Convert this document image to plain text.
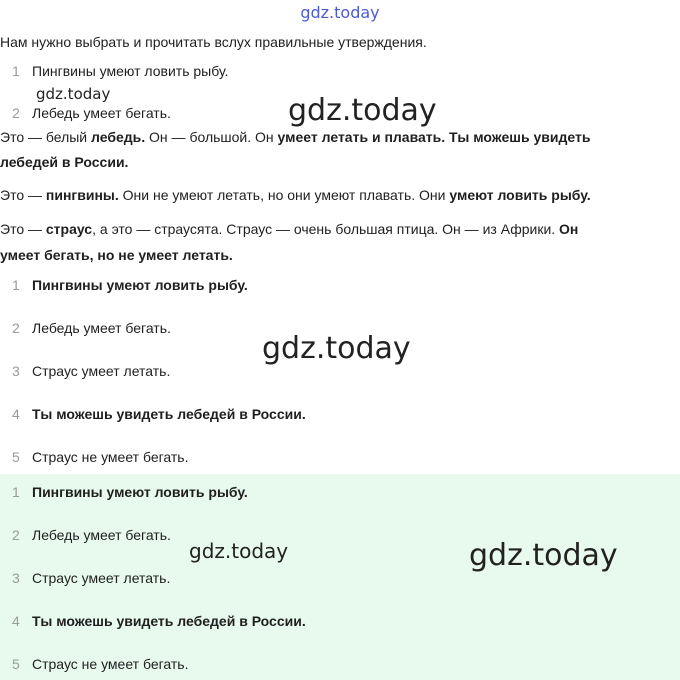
gdz.today
Нам нужно выбрать и прочитать вслух правильные утверждения.
1 Пингвины умеют ловить рыбу.
2 Лебедь умеет бегать.
Это — белый лебедь. Он — большой. Он умеет летать и плавать. Ты можешь увидеть
лебедей в России.
Это — пингвины. Они не умеют летать, но они умеют плавать. Они умеют ловить рыбу.
Это — страус, а это — страусята. Страус — очень большая птица. Он — из Африки. Он
умеет бегать, но не умеет летать.
1 Пингвины умеют ловить рыбу.
2 Лебедь умеет бегать.
3 Страус умеет летать.
4 Ты можешь увидеть лебедей в России.
5 Страус не умеет бегать.
1 Пингвины умеют ловить рыбу.
2 Лебедь умеет бегать.
3 Страус умеет летать.
4 Ты можешь увидеть лебедей в России.
5 Страус не умеет бегать.
gdz.today	gdz.today
gdz.today
gdz.today	gdz.today
